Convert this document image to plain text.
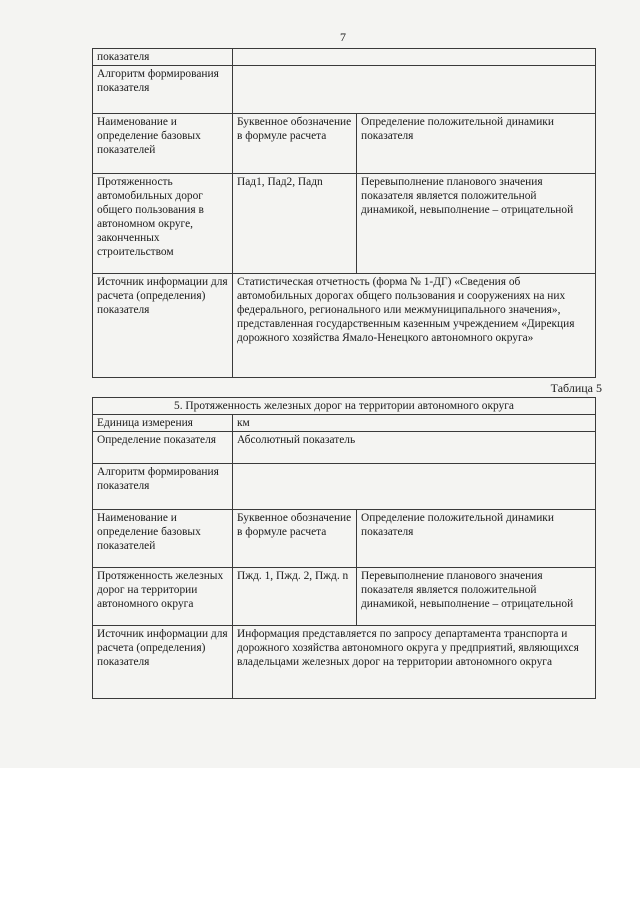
7
показателя		
Алгоритм формирования показателя		
Наименование и определение базовых показателей	Буквенное обозначение в формуле расчета	Определение положительной динамики показателя
Протяженность автомобильных дорог общего пользования в автономном округе, законченных строительством	Пад1, Пад2, Падn	Перевыполнение планового значения показателя является положительной динамикой, невыполнение – отрицательной
Источник информации для расчета (определения) показателя	Статистическая отчетность (форма № 1-ДГ) «Сведения об автомобильных дорогах общего пользования и сооружениях на них федерального, регионального или межмуниципального значения», представленная государственным казенным учреждением «Дирекция дорожного хозяйства Ямало-Ненецкого автономного округа»	
Таблица 5
5. Протяженность железных дорог на территории автономного округа		
Единица измерения	км	
Определение показателя	Абсолютный показатель	
Алгоритм формирования показателя		
Наименование и определение базовых показателей	Буквенное обозначение в формуле расчета	Определение положительной динамики показателя
Протяженность железных дорог на территории автономного округа	Пжд. 1, Пжд. 2, Пжд. n	Перевыполнение планового значения показателя является положительной динамикой, невыполнение – отрицательной
Источник информации для расчета (определения) показателя	Информация представляется по запросу департамента транспорта и дорожного хозяйства автономного округа у предприятий, являющихся владельцами железных дорог на территории автономного округа	
